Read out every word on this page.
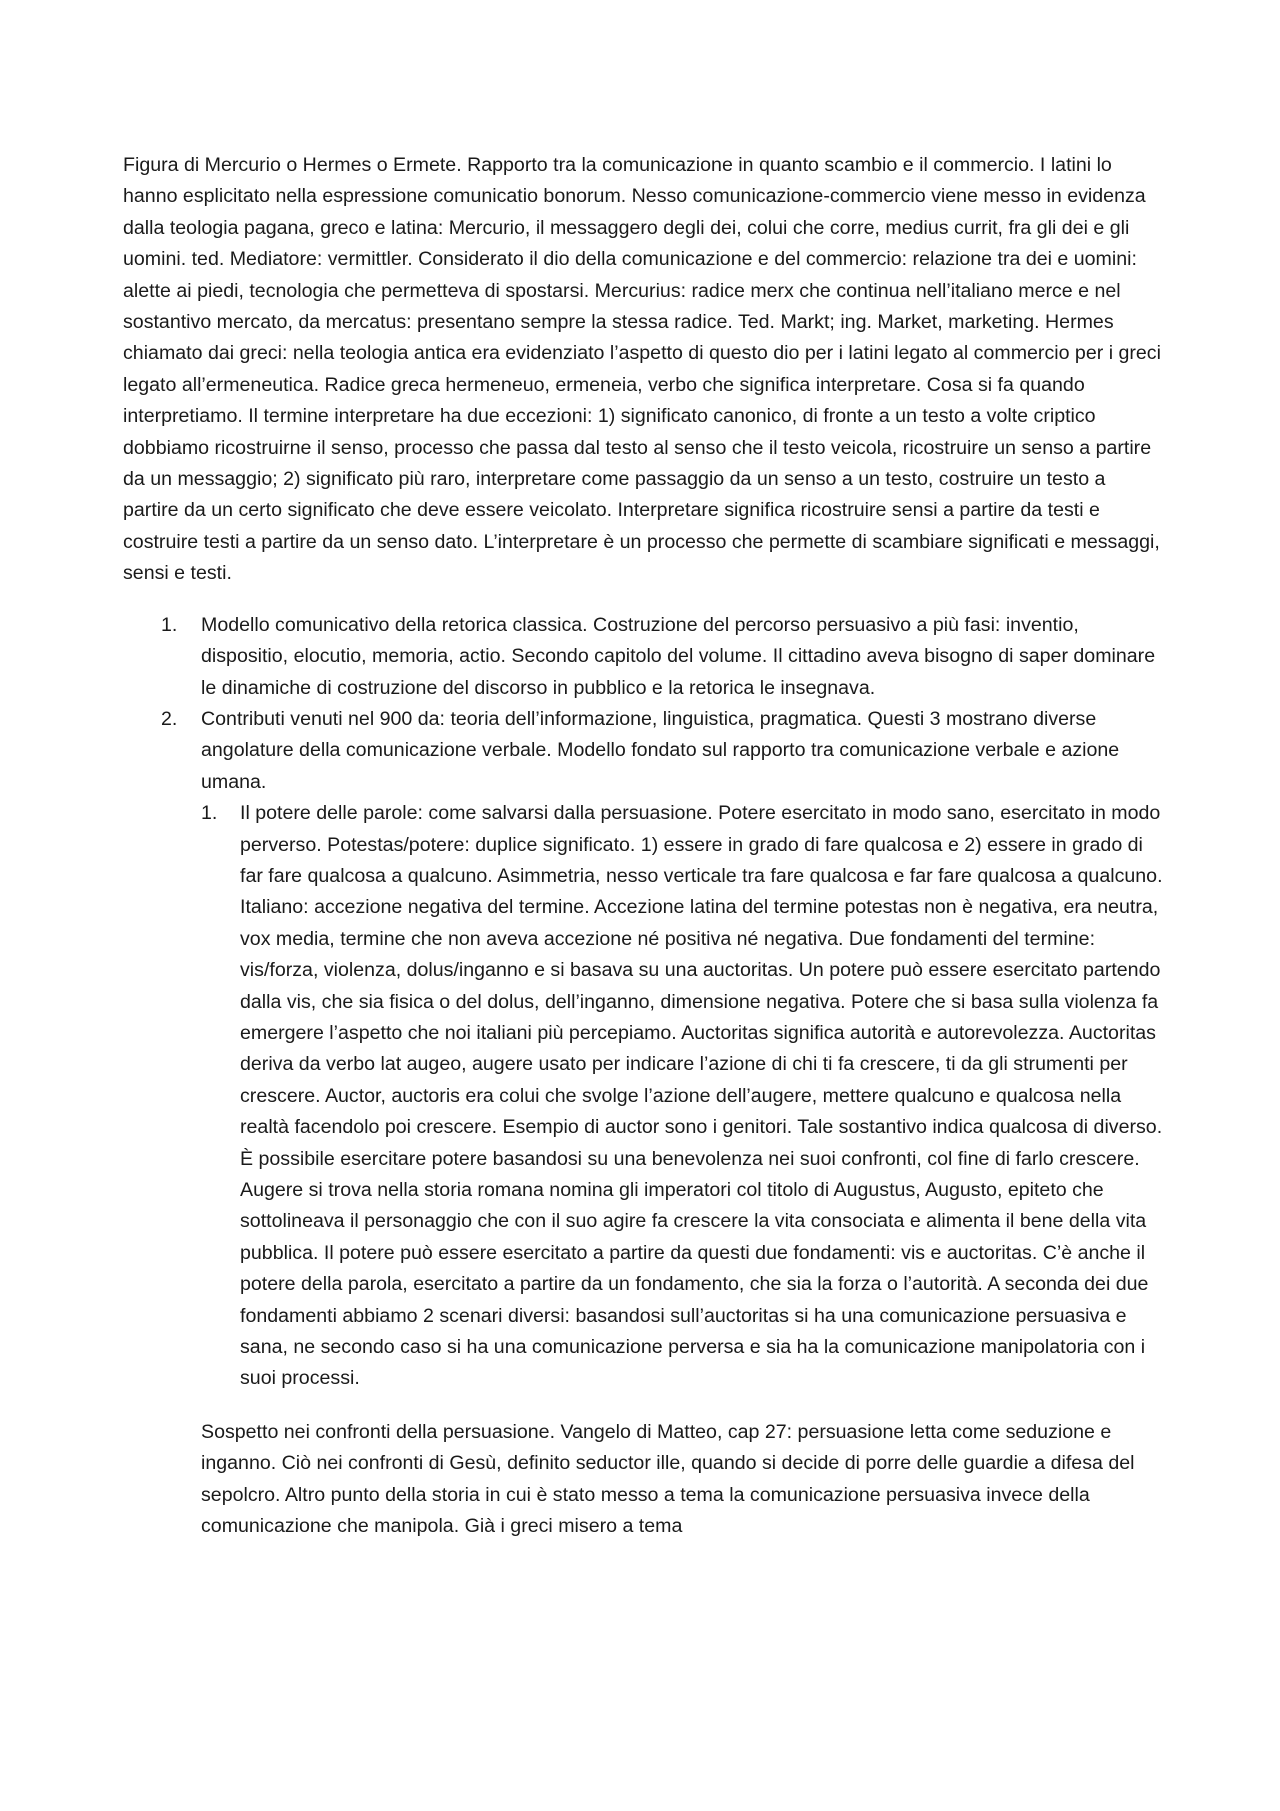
Figura di Mercurio o Hermes o Ermete. Rapporto tra la comunicazione in quanto scambio e il commercio. I latini lo hanno esplicitato nella espressione comunicatio bonorum. Nesso comunicazione-commercio viene messo in evidenza dalla teologia pagana, greco e latina: Mercurio, il messaggero degli dei, colui che corre, medius currit, fra gli dei e gli uomini. ted. Mediatore: vermittler. Considerato il dio della comunicazione e del commercio: relazione tra dei e uomini: alette ai piedi, tecnologia che permetteva di spostarsi. Mercurius: radice merx che continua nell’italiano merce e nel sostantivo mercato, da mercatus: presentano sempre la stessa radice. Ted. Markt; ing. Market, marketing. Hermes chiamato dai greci: nella teologia antica era evidenziato l’aspetto di questo dio per i latini legato al commercio per i greci legato all’ermeneutica. Radice greca hermeneuo, ermeneia, verbo che significa interpretare. Cosa si fa quando interpretiamo. Il termine interpretare ha due eccezioni: 1) significato canonico, di fronte a un testo a volte criptico dobbiamo ricostruirne il senso, processo che passa dal testo al senso che il testo veicola, ricostruire un senso a partire da un messaggio; 2) significato più raro, interpretare come passaggio da un senso a un testo, costruire un testo a partire da un certo significato che deve essere veicolato. Interpretare significa ricostruire sensi a partire da testi e costruire testi a partire da un senso dato. L’interpretare è un processo che permette di scambiare significati e messaggi, sensi e testi.

1. Modello comunicativo della retorica classica. Costruzione del percorso persuasivo a più fasi: inventio, dispositio, elocutio, memoria, actio. Secondo capitolo del volume. Il cittadino aveva bisogno di saper dominare le dinamiche di costruzione del discorso in pubblico e la retorica le insegnava.
2. Contributi venuti nel 900 da: teoria dell’informazione, linguistica, pragmatica. Questi 3 mostrano diverse angolature della comunicazione verbale. Modello fondato sul rapporto tra comunicazione verbale e azione umana.
1. Il potere delle parole: come salvarsi dalla persuasione. Potere esercitato in modo sano, esercitato in modo perverso. Potestas/potere: duplice significato. 1) essere in grado di fare qualcosa e 2) essere in grado di far fare qualcosa a qualcuno. Asimmetria, nesso verticale tra fare qualcosa e far fare qualcosa a qualcuno. Italiano: accezione negativa del termine. Accezione latina del termine potestas non è negativa, era neutra, vox media, termine che non aveva accezione né positiva né negativa. Due fondamenti del termine: vis/forza, violenza, dolus/inganno e si basava su una auctoritas. Un potere può essere esercitato partendo dalla vis, che sia fisica o del dolus, dell’inganno, dimensione negativa. Potere che si basa sulla violenza fa emergere l’aspetto che noi italiani più percepiamo. Auctoritas significa autorità e autorevolezza. Auctoritas deriva da verbo lat augeo, augere usato per indicare l’azione di chi ti fa crescere, ti da gli strumenti per crescere. Auctor, auctoris era colui che svolge l’azione dell’augere, mettere qualcuno e qualcosa nella realtà facendolo poi crescere. Esempio di auctor sono i genitori. Tale sostantivo indica qualcosa di diverso. È possibile esercitare potere basandosi su una benevolenza nei suoi confronti, col fine di farlo crescere. Augere si trova nella storia romana nomina gli imperatori col titolo di Augustus, Augusto, epiteto che sottolineava il personaggio che con il suo agire fa crescere la vita consociata e alimenta il bene della vita pubblica. Il potere può essere esercitato a partire da questi due fondamenti: vis e auctoritas. C’è anche il potere della parola, esercitato a partire da un fondamento, che sia la forza o l’autorità. A seconda dei due fondamenti abbiamo 2 scenari diversi: basandosi sull’auctoritas si ha una comunicazione persuasiva e sana, ne secondo caso si ha una comunicazione perversa e sia ha la comunicazione manipolatoria con i suoi processi.

Sospetto nei confronti della persuasione. Vangelo di Matteo, cap 27: persuasione letta come seduzione e inganno. Ciò nei confronti di Gesù, definito seductor ille, quando si decide di porre delle guardie a difesa del sepolcro. Altro punto della storia in cui è stato messo a tema la comunicazione persuasiva invece della comunicazione che manipola. Già i greci misero a tema
